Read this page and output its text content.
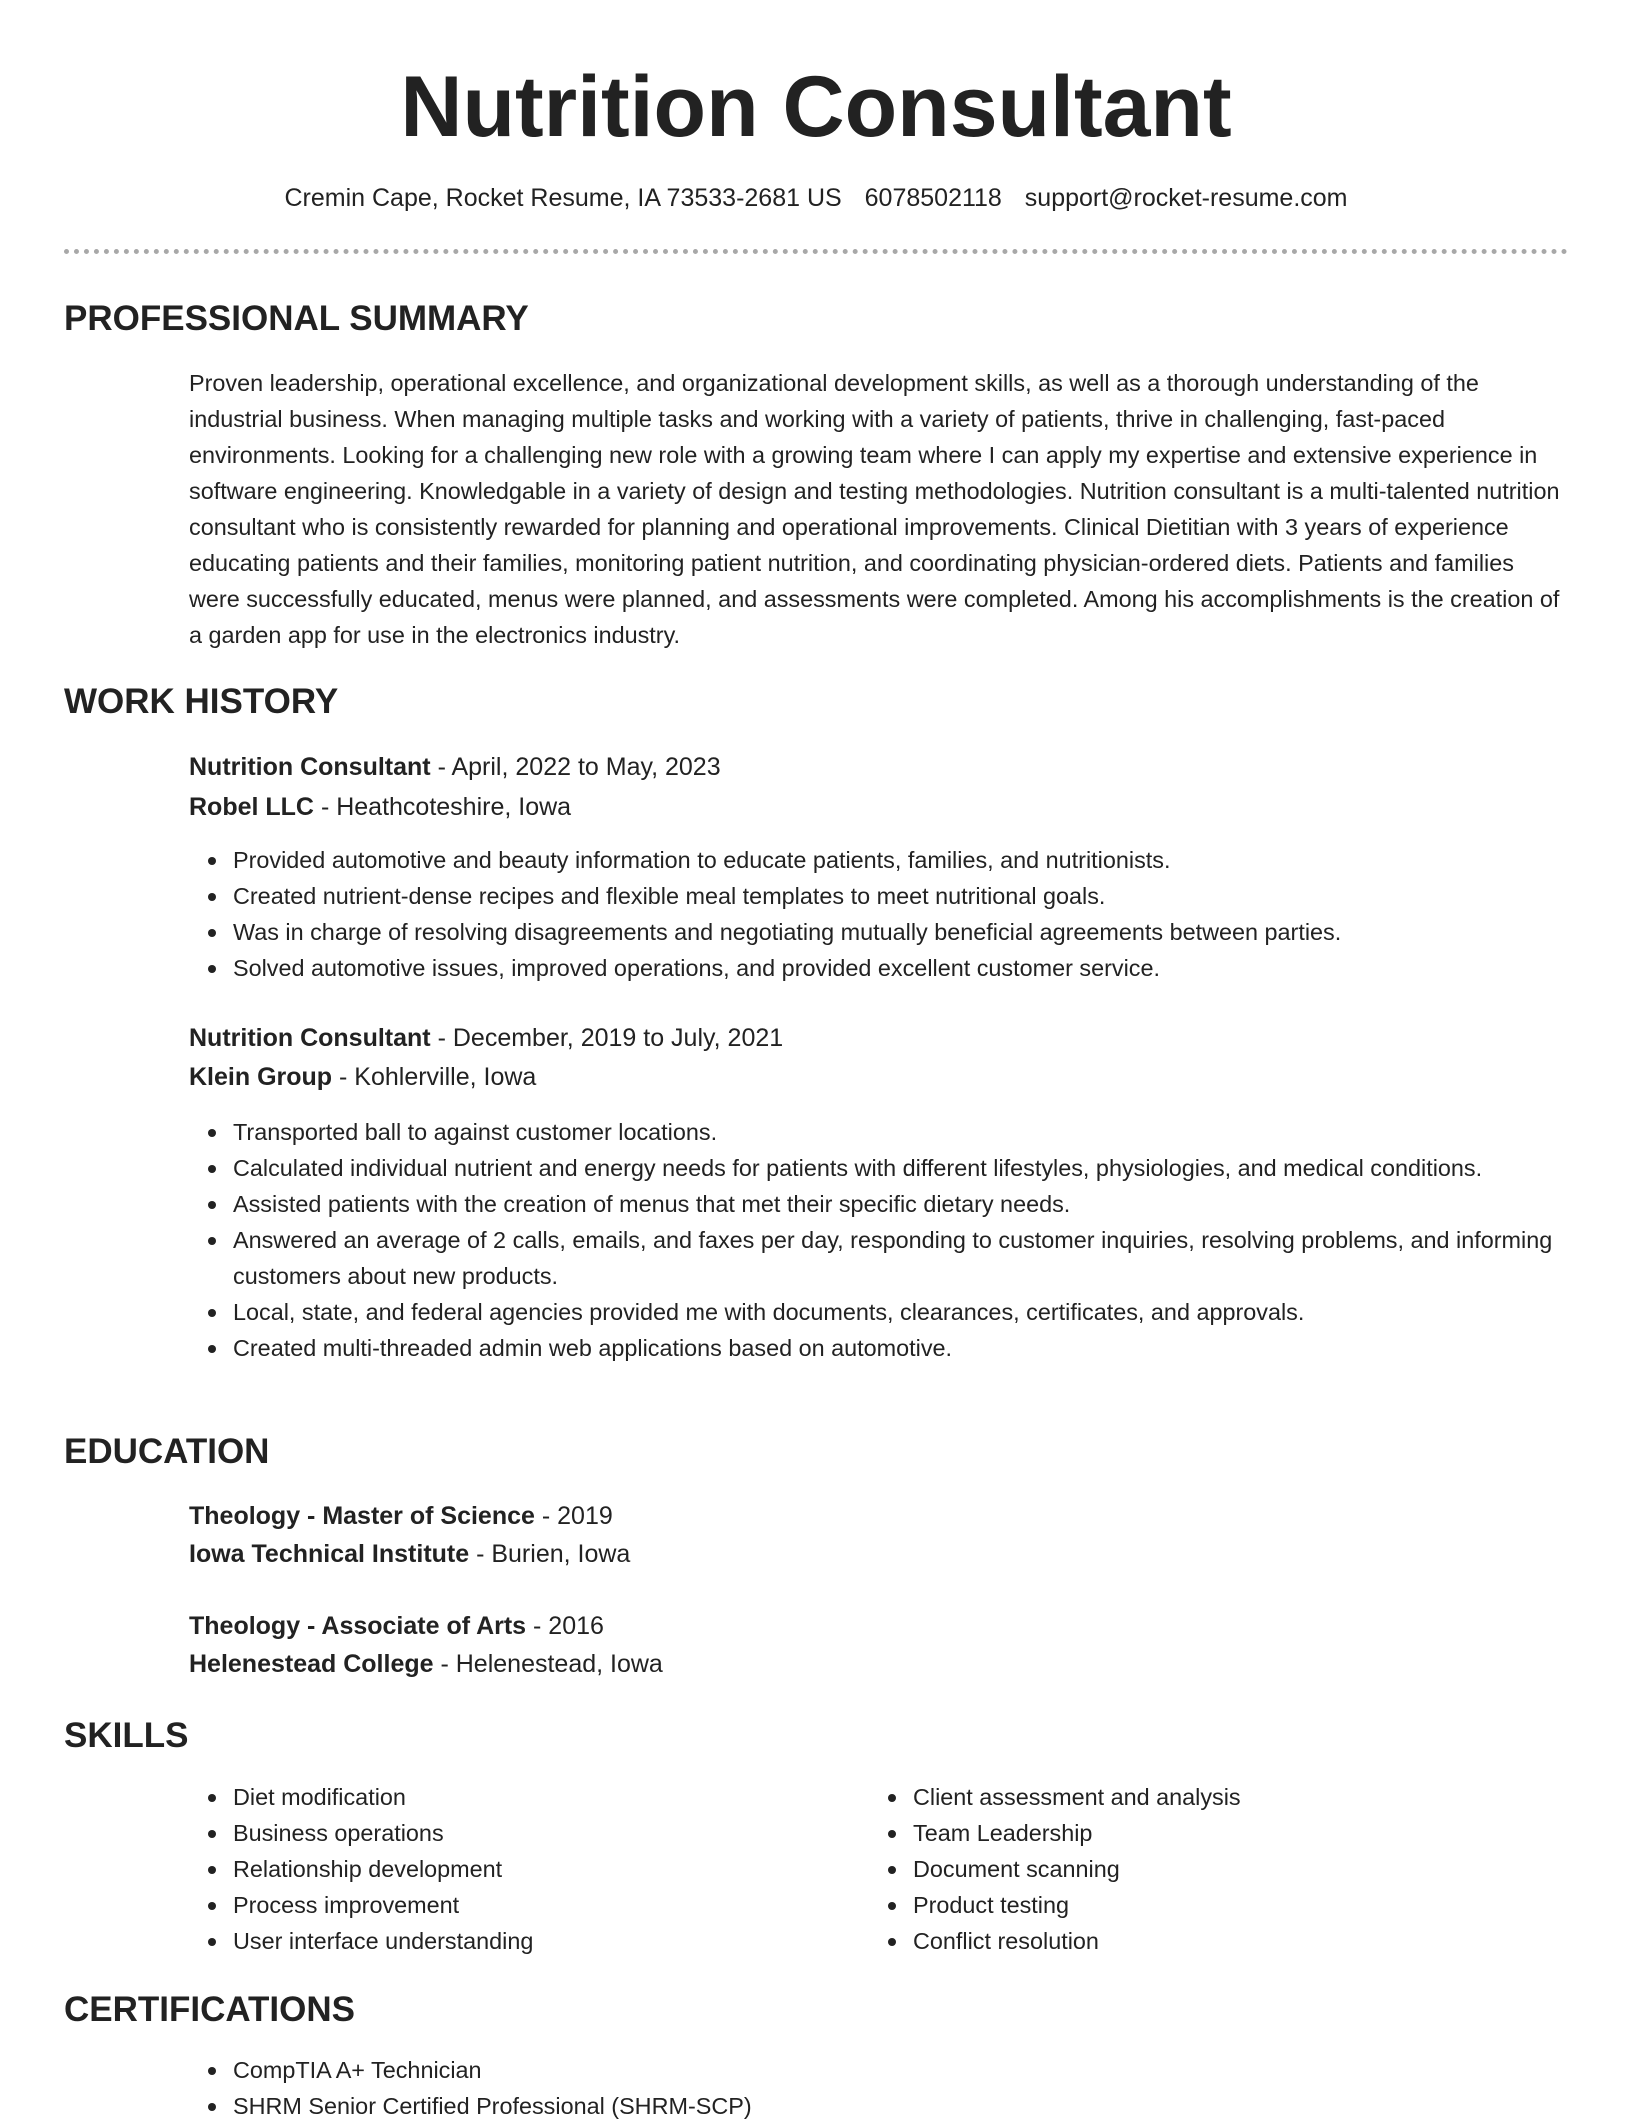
Nutrition Consultant
Cremin Cape, Rocket Resume, IA 73533-2681 US 6078502118 support@rocket-resume.com
PROFESSIONAL SUMMARY

Proven leadership, operational excellence, and organizational development skills, as well as a thorough understanding of the industrial business. When managing multiple tasks and working with a variety of patients, thrive in challenging, fast-paced environments. Looking for a challenging new role with a growing team where I can apply my expertise and extensive experience in software engineering. Knowledgable in a variety of design and testing methodologies. Nutrition consultant is a multi-talented nutrition consultant who is consistently rewarded for planning and operational improvements. Clinical Dietitian with 3 years of experience educating patients and their families, monitoring patient nutrition, and coordinating physician-ordered diets. Patients and families were successfully educated, menus were planned, and assessments were completed. Among his accomplishments is the creation of a garden app for use in the electronics industry.

WORK HISTORY
Nutrition Consultant - April, 2022 to May, 2023
Robel LLC - Heathcoteshire, Iowa
Provided automotive and beauty information to educate patients, families, and nutritionists.
Created nutrient-dense recipes and flexible meal templates to meet nutritional goals.
Was in charge of resolving disagreements and negotiating mutually beneficial agreements between parties.
Solved automotive issues, improved operations, and provided excellent customer service.
Nutrition Consultant - December, 2019 to July, 2021
Klein Group - Kohlerville, Iowa
Transported ball to against customer locations.
Calculated individual nutrient and energy needs for patients with different lifestyles, physiologies, and medical conditions.
Assisted patients with the creation of menus that met their specific dietary needs.
Answered an average of 2 calls, emails, and faxes per day, responding to customer inquiries, resolving problems, and informing customers about new products.
Local, state, and federal agencies provided me with documents, clearances, certificates, and approvals.
Created multi-threaded admin web applications based on automotive.
EDUCATION
Theology - Master of Science - 2019
Iowa Technical Institute - Burien, Iowa
Theology - Associate of Arts - 2016
Helenestead College - Helenestead, Iowa
SKILLS
Diet modification
Business operations
Relationship development
Process improvement
User interface understanding
Client assessment and analysis
Team Leadership
Document scanning
Product testing
Conflict resolution
CERTIFICATIONS
CompTIA A+ Technician
SHRM Senior Certified Professional (SHRM-SCP)
